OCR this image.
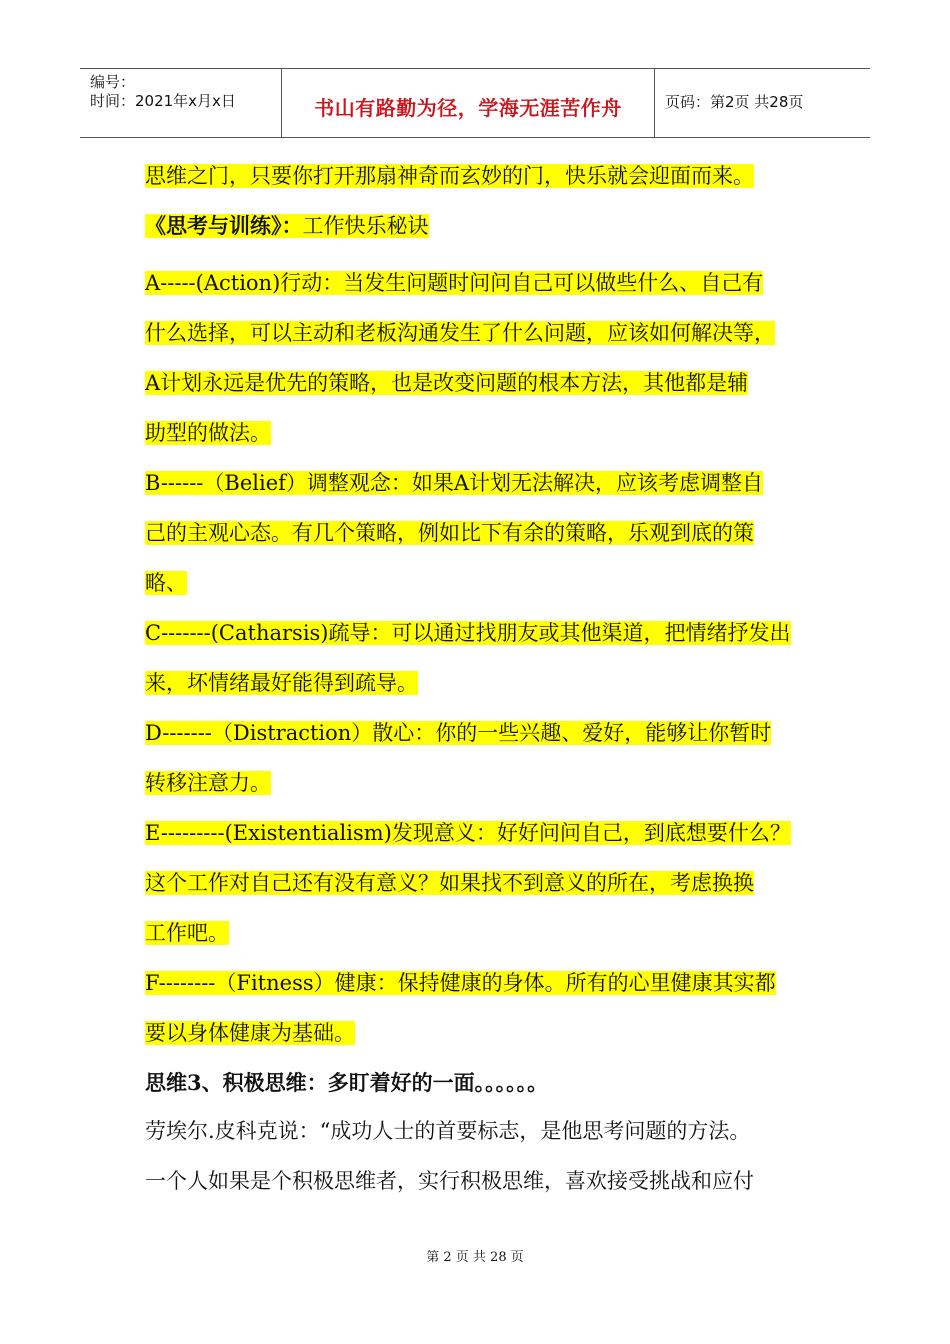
编号：
时间：2021年x月x日	书山有路勤为径，学海无涯苦作舟	页码：第2页 共28页
思维之门，只要你打开那扇神奇而玄妙的门，快乐就会迎面而来。
《思考与训练》：工作快乐秘诀
A-----(Action)行动：当发生问题时问问自己可以做些什么、自己有
什么选择，可以主动和老板沟通发生了什么问题，应该如何解决等，
A计划永远是优先的策略，也是改变问题的根本方法，其他都是辅
助型的做法。
B------（Belief）调整观念：如果A计划无法解决，应该考虑调整自
己的主观心态。有几个策略，例如比下有余的策略，乐观到底的策
略、
C-------(Catharsis)疏导：可以通过找朋友或其他渠道，把情绪抒发出
来，坏情绪最好能得到疏导。
D-------（Distraction）散心：你的一些兴趣、爱好，能够让你暂时
转移注意力。
E---------(Existentialism)发现意义：好好问问自己，到底想要什么？
这个工作对自己还有没有意义？如果找不到意义的所在，考虑换换
工作吧。
F--------（Fitness）健康：保持健康的身体。所有的心里健康其实都
要以身体健康为基础。
思维3、积极思维：多盯着好的一面。。。。。。
劳埃尔.皮科克说：“成功人士的首要标志，是他思考问题的方法。
一个人如果是个积极思维者，实行积极思维，喜欢接受挑战和应付
第 2 页 共 28 页
